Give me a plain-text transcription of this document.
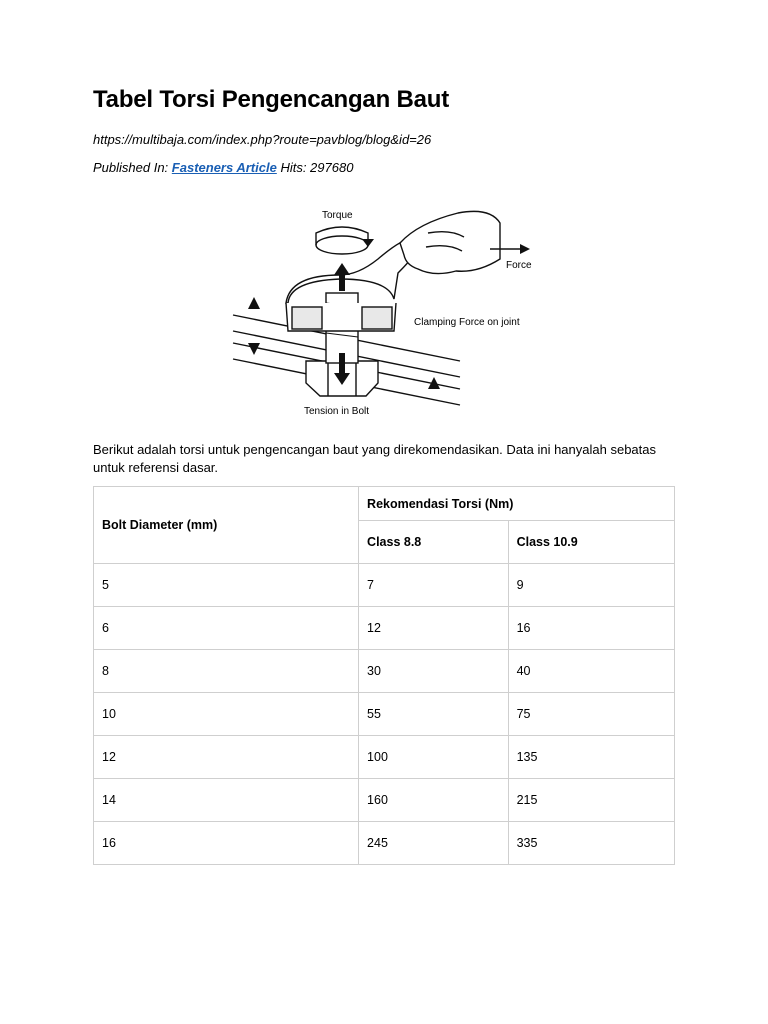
Tabel Torsi Pengencangan Baut
https://multibaja.com/index.php?route=pavblog/blog&id=26
Published In: Fasteners Article Hits: 297680
Torque
Force
Clamping Force on joint
Tension in Bolt
Berikut adalah torsi untuk pengencangan baut yang direkomendasikan. Data ini hanyalah sebatas untuk referensi dasar.
Bolt Diameter (mm)	Rekomendasi Torsi (Nm)	
	Class 8.8	Class 10.9
5	7	9
6	12	16
8	30	40
10	55	75
12	100	135
14	160	215
16	245	335
